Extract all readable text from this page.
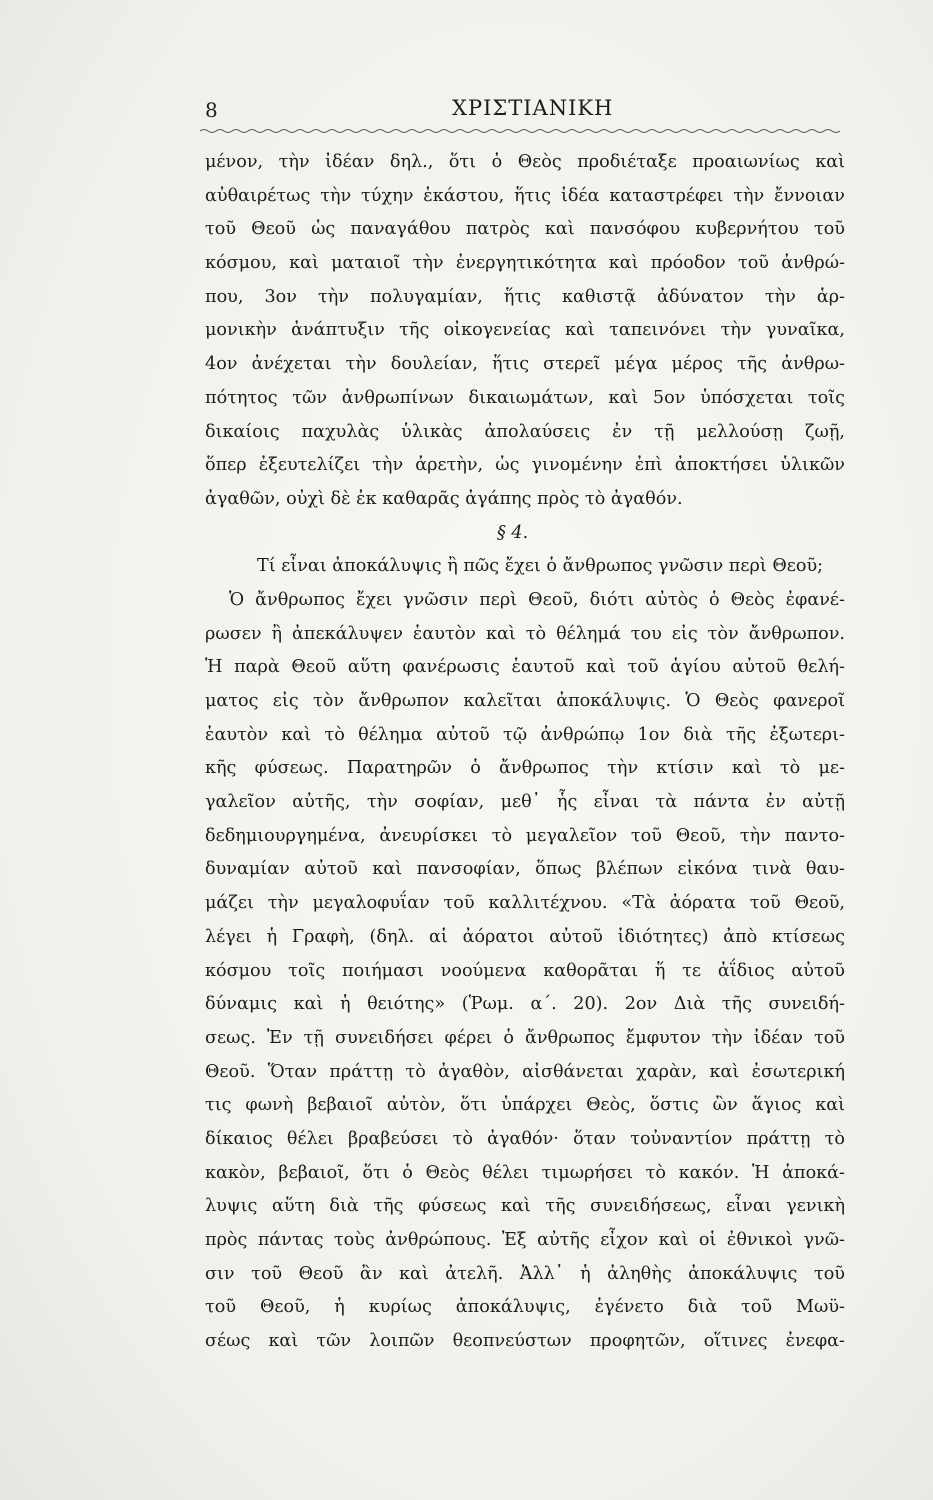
8	ΧΡΙΣΤΙΑΝΙΚΗ
μένον, τὴν ἰδέαν δηλ., ὅτι ὁ Θεὸς προδιέταξε προαιωνίως καὶ
αὐθαιρέτως τὴν τύχην ἑκάστου, ἥτις ἰδέα καταστρέφει τὴν ἔννοιαν
τοῦ Θεοῦ ὡς παναγάθου πατρὸς καὶ πανσόφου κυβερνήτου τοῦ
κόσμου, καὶ ματαιοῖ τὴν ἐνεργητικότητα καὶ πρόοδον τοῦ ἀνθρώ-
που, 3ον τὴν πολυγαμίαν, ἥτις καθιστᾷ ἀδύνατον τὴν ἁρ-
μονικὴν ἀνάπτυξιν τῆς οἰκογενείας καὶ ταπεινόνει τὴν γυναῖκα,
4ον ἀνέχεται τὴν δουλείαν, ἥτις στερεῖ μέγα μέρος τῆς ἀνθρω-
πότητος τῶν ἀνθρωπίνων δικαιωμάτων, καὶ 5ον ὑπόσχεται τοῖς
δικαίοις παχυλὰς ὑλικὰς ἀπολαύσεις ἐν τῇ μελλούσῃ ζωῇ,
ὅπερ ἐξευτελίζει τὴν ἀρετὴν, ὡς γινομένην ἐπὶ ἀποκτήσει ὑλικῶν
ἀγαθῶν, οὐχὶ δὲ ἐκ καθαρᾶς ἀγάπης πρὸς τὸ ἀγαθόν.
§ 4.
Τί εἶναι ἀποκάλυψις ἢ πῶς ἔχει ὁ ἄνθρωπος γνῶσιν περὶ Θεοῦ;
Ὁ ἄνθρωπος ἔχει γνῶσιν περὶ Θεοῦ, διότι αὐτὸς ὁ Θεὸς ἐφανέ-
ρωσεν ἢ ἀπεκάλυψεν ἑαυτὸν καὶ τὸ θέλημά του εἰς τὸν ἄνθρωπον.
Ἡ παρὰ Θεοῦ αὕτη φανέρωσις ἑαυτοῦ καὶ τοῦ ἁγίου αὐτοῦ θελή-
ματος εἰς τὸν ἄνθρωπον καλεῖται ἀποκάλυψις. Ὁ Θεὸς φανεροῖ
ἑαυτὸν καὶ τὸ θέλημα αὐτοῦ τῷ ἀνθρώπῳ 1ον διὰ τῆς ἐξωτερι-
κῆς φύσεως. Παρατηρῶν ὁ ἄνθρωπος τὴν κτίσιν καὶ τὸ με-
γαλεῖον αὐτῆς, τὴν σοφίαν, μεθ᾿ ἧς εἶναι τὰ πάντα ἐν αὐτῇ
δεδημιουργημένα, ἀνευρίσκει τὸ μεγαλεῖον τοῦ Θεοῦ, τὴν παντο-
δυναμίαν αὐτοῦ καὶ πανσοφίαν, ὅπως βλέπων εἰκόνα τινὰ θαυ-
μάζει τὴν μεγαλοφυΐαν τοῦ καλλιτέχνου. «Τὰ ἀόρατα τοῦ Θεοῦ,
λέγει ἡ Γραφὴ, (δηλ. αἱ ἀόρατοι αὐτοῦ ἰδιότητες) ἀπὸ κτίσεως
κόσμου τοῖς ποιήμασι νοούμενα καθορᾶται ἥ τε ἀΐδιος αὐτοῦ
δύναμις καὶ ἡ θειότης» (Ῥωμ. α΄. 20). 2ον Διὰ τῆς συνειδή-
σεως. Ἐν τῇ συνειδήσει φέρει ὁ ἄνθρωπος ἔμφυτον τὴν ἰδέαν τοῦ
Θεοῦ. Ὅταν πράττῃ τὸ ἀγαθὸν, αἰσθάνεται χαρὰν, καὶ ἐσωτερική
τις φωνὴ βεβαιοῖ αὐτὸν, ὅτι ὑπάρχει Θεὸς, ὅστις ὢν ἅγιος καὶ
δίκαιος θέλει βραβεύσει τὸ ἀγαθόν· ὅταν τοὐναντίον πράττῃ τὸ
κακὸν, βεβαιοῖ, ὅτι ὁ Θεὸς θέλει τιμωρήσει τὸ κακόν. Ἡ ἀποκά-
λυψις αὕτη διὰ τῆς φύσεως καὶ τῆς συνειδήσεως, εἶναι γενικὴ
πρὸς πάντας τοὺς ἀνθρώπους. Ἐξ αὐτῆς εἶχον καὶ οἱ ἐθνικοὶ γνῶ-
σιν τοῦ Θεοῦ ἂν καὶ ἀτελῆ. Ἀλλ᾿ ἡ ἀληθὴς ἀποκάλυψις τοῦ
τοῦ Θεοῦ, ἡ κυρίως ἀποκάλυψις, ἐγένετο διὰ τοῦ Μωϋ-
σέως καὶ τῶν λοιπῶν θεοπνεύστων προφητῶν, οἵτινες ἐνεφα-
